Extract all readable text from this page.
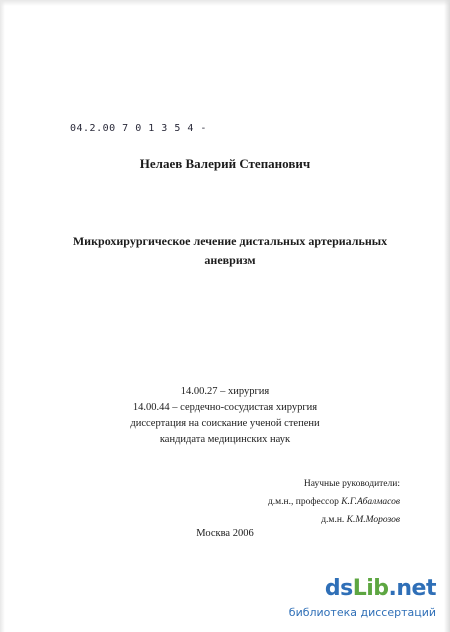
04.2.00 7 0 1 3 5 4 -
Нелаев Валерий Степанович
Микрохирургическое лечение дистальных артериальных
аневризм
14.00.27 – хирургия
14.00.44 – сердечно-сосудистая хирургия
диссертация на соискание ученой степени
кандидата медицинских наук
Научные руководители:
д.м.н., профессор К.Г.Абалмасов
д.м.н. К.М.Морозов
Москва 2006
dsLib.net
библиотека диссертаций
